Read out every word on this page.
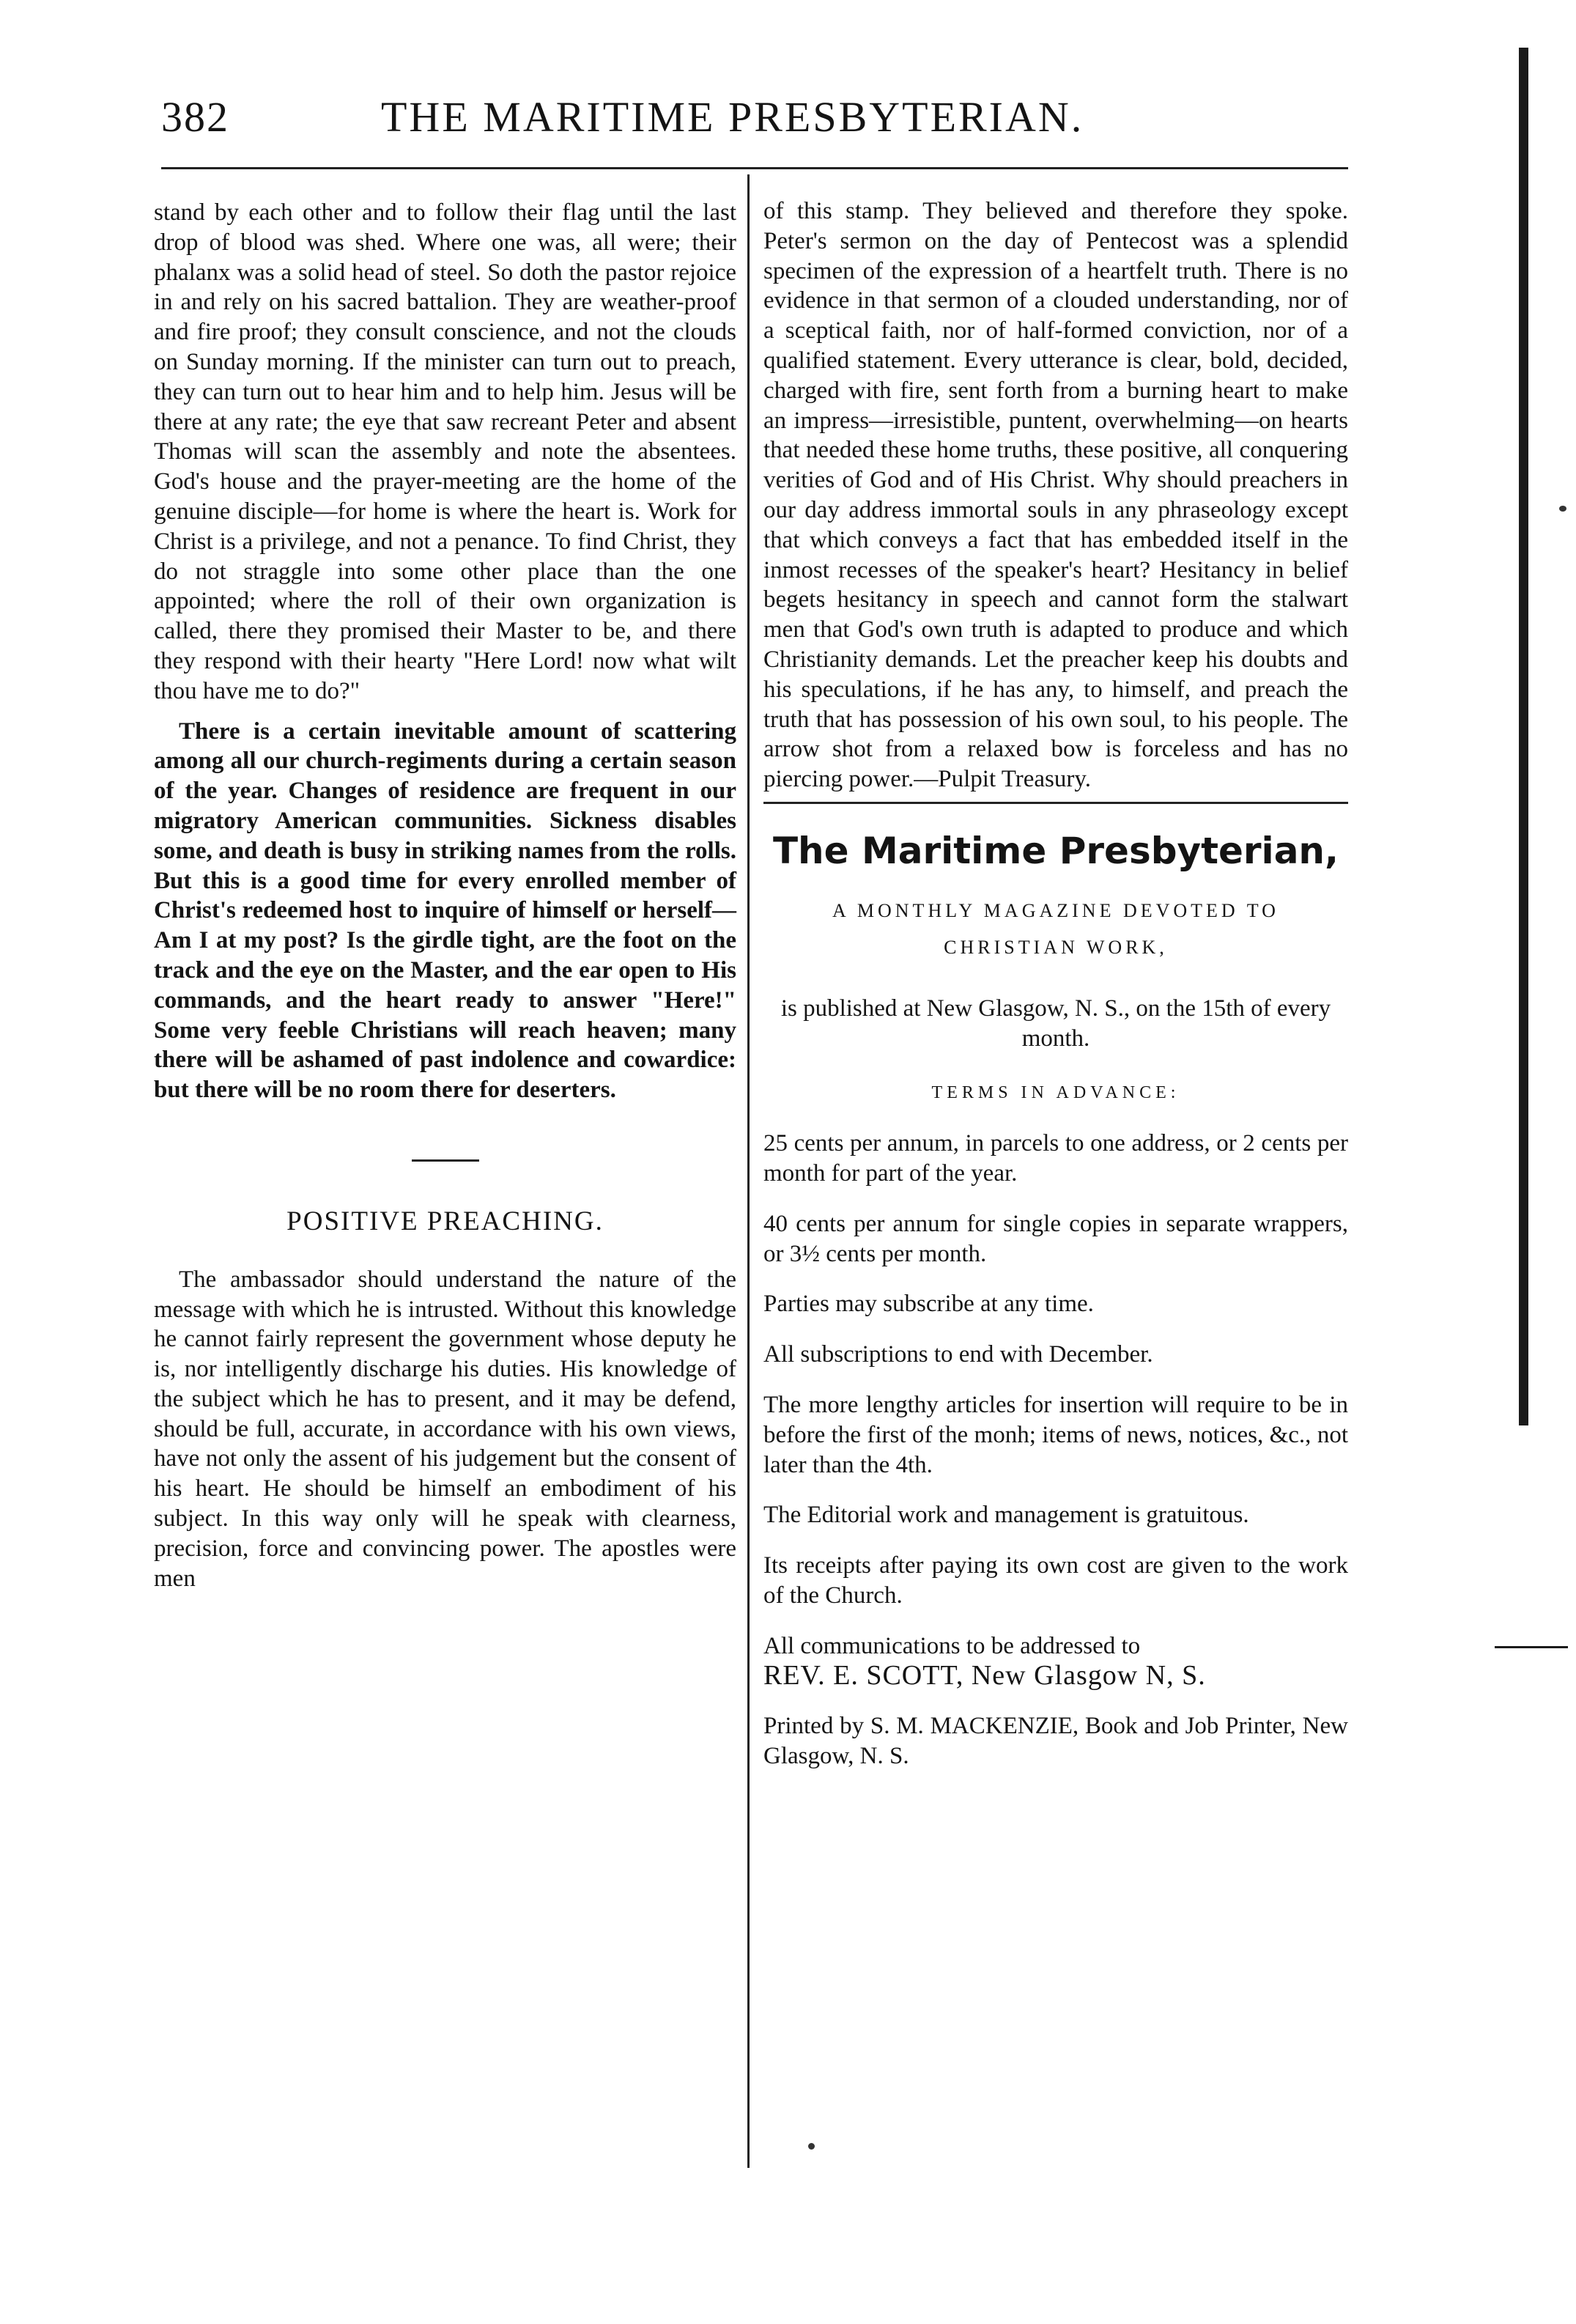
382	THE MARITIME PRESBYTERIAN.

stand by each other and to follow their flag until the last drop of blood was shed. Where one was, all were; their phalanx was a solid head of steel. So doth the pastor rejoice in and rely on his sacred battalion. They are weather-proof and fire proof; they consult conscience, and not the clouds on Sunday morning. If the minister can turn out to preach, they can turn out to hear him and to help him. Jesus will be there at any rate; the eye that saw recreant Peter and absent Thomas will scan the assembly and note the absentees. God's house and the prayer-meeting are the home of the genuine disciple—for home is where the heart is. Work for Christ is a privilege, and not a penance. To find Christ, they do not straggle into some other place than the one appointed; where the roll of their own organization is called, there they promised their Master to be, and there they respond with their hearty "Here Lord! now what wilt thou have me to do?"

There is a certain inevitable amount of scattering among all our church-regiments during a certain season of the year. Changes of residence are frequent in our migratory American communities. Sickness disables some, and death is busy in striking names from the rolls. But this is a good time for every enrolled member of Christ's redeemed host to inquire of himself or herself—Am I at my post? Is the girdle tight, are the foot on the track and the eye on the Master, and the ear open to His commands, and the heart ready to answer "Here!" Some very feeble Christians will reach heaven; many there will be ashamed of past indolence and cowardice: but there will be no room there for deserters.

POSITIVE PREACHING.

The ambassador should understand the nature of the message with which he is intrusted. Without this knowledge he cannot fairly represent the government whose deputy he is, nor intelligently discharge his duties. His knowledge of the subject which he has to present, and it may be defend, should be full, accurate, in accordance with his own views, have not only the assent of his judgement but the consent of his heart. He should be himself an embodiment of his subject. In this way only will he speak with clearness, precision, force and convincing power. The apostles were men

of this stamp. They believed and therefore they spoke. Peter's sermon on the day of Pentecost was a splendid specimen of the expression of a heartfelt truth. There is no evidence in that sermon of a clouded understanding, nor of a sceptical faith, nor of half-formed conviction, nor of a qualified statement. Every utterance is clear, bold, decided, charged with fire, sent forth from a burning heart to make an impress—irresistible, puntent, overwhelming—on hearts that needed these home truths, these positive, all conquering verities of God and of His Christ. Why should preachers in our day address immortal souls in any phraseology except that which conveys a fact that has embedded itself in the inmost recesses of the speaker's heart? Hesitancy in belief begets hesitancy in speech and cannot form the stalwart men that God's own truth is adapted to produce and which Christianity demands. Let the preacher keep his doubts and his speculations, if he has any, to himself, and preach the truth that has possession of his own soul, to his people. The arrow shot from a relaxed bow is forceless and has no piercing power.—Pulpit Treasury.

The Maritime Presbyterian,
A MONTHLY MAGAZINE DEVOTED TO CHRISTIAN WORK,

is published at New Glasgow, N. S., on the 15th of every month.

TERMS IN ADVANCE:

25 cents per annum, in parcels to one address, or 2 cents per month for part of the year.

40 cents per annum for single copies in separate wrappers, or 3½ cents per month.

Parties may subscribe at any time.

All subscriptions to end with December.

The more lengthy articles for insertion will require to be in before the first of the monh; items of news, notices, &c., not later than the 4th.

The Editorial work and management is gratuitous.

Its receipts after paying its own cost are given to the work of the Church.

All communications to be addressed to

REV. E. SCOTT, New Glasgow N, S.

Printed by S. M. MACKENZIE, Book and Job Printer, New Glasgow, N. S.
